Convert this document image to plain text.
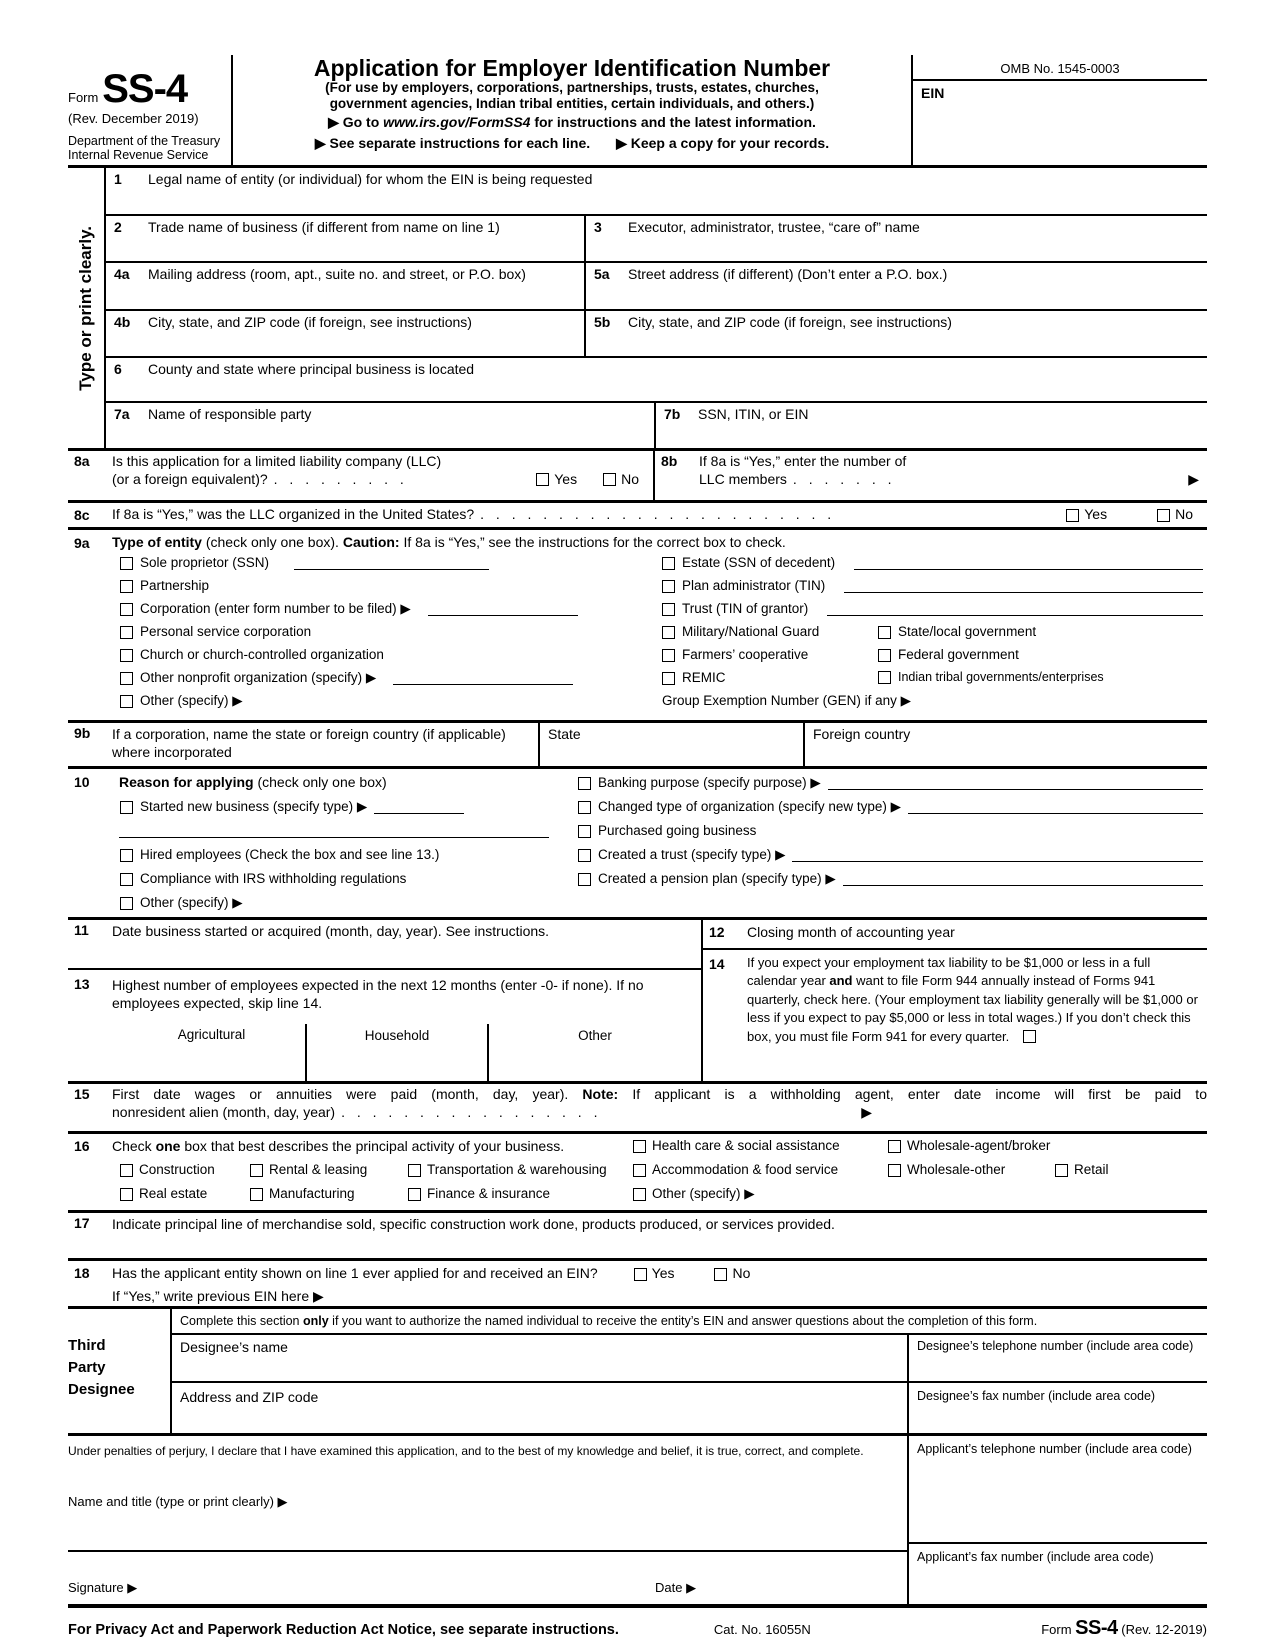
Form SS-4
(Rev. December 2019)
Department of the Treasury
Internal Revenue Service
Application for Employer Identification Number
(For use by employers, corporations, partnerships, trusts, estates, churches,
government agencies, Indian tribal entities, certain individuals, and others.)
▶ Go to www.irs.gov/FormSS4 for instructions and the latest information.
▶ See separate instructions for each line. ▶ Keep a copy for your records.
OMB No. 1545-0003
EIN
Type or print clearly.
1	Legal name of entity (or individual) for whom the EIN is being requested
2	Trade name of business (if different from name on line 1)	3	Executor, administrator, trustee, “care of” name
4a	Mailing address (room, apt., suite no. and street, or P.O. box)	5a	Street address (if different) (Don’t enter a P.O. box.)
4b	City, state, and ZIP code (if foreign, see instructions)	5b	City, state, and ZIP code (if foreign, see instructions)
6	County and state where principal business is located
7a	Name of responsible party	7b	SSN, ITIN, or EIN
8a	Is this application for a limited liability company (LLC)
(or a foreign equivalent)? . . . . . . . . .	Yes	No
8b	If 8a is “Yes,” enter the number of
LLC members . . . . . . .	▶
8c	If 8a is “Yes,” was the LLC organized in the United States? . . . . . . . . . . . . . . . . . . . . . . .	Yes	No
9a	Type of entity (check only one box). Caution: If 8a is “Yes,” see the instructions for the correct box to check.
Sole proprietor (SSN)	Estate (SSN of decedent)
Partnership	Plan administrator (TIN)
Corporation (enter form number to be filed) ▶	Trust (TIN of grantor)
Personal service corporation	Military/National Guard	State/local government
Church or church-controlled organization	Farmers’ cooperative	Federal government
Other nonprofit organization (specify) ▶	REMIC	Indian tribal governments/enterprises
Other (specify) ▶	Group Exemption Number (GEN) if any ▶
9b	If a corporation, name the state or foreign country (if applicable) where incorporated
State	Foreign country
10	Reason for applying (check only one box)
Started new business (specify type) ▶
Hired employees (Check the box and see line 13.)
Compliance with IRS withholding regulations
Other (specify) ▶
Banking purpose (specify purpose) ▶
Changed type of organization (specify new type) ▶
Purchased going business
Created a trust (specify type) ▶
Created a pension plan (specify type) ▶
11	Date business started or acquired (month, day, year). See instructions.
13	Highest number of employees expected in the next 12 months (enter -0- if none). If no employees expected, skip line 14.
Agricultural	Household	Other
12	Closing month of accounting year
14	If you expect your employment tax liability to be $1,000 or less in a full calendar year and want to file Form 944 annually instead of Forms 941 quarterly, check here. (Your employment tax liability generally will be $1,000 or less if you expect to pay $5,000 or less in total wages.) If you don’t check this box, you must file Form 941 for every quarter.
15	First date wages or annuities were paid (month, day, year). Note: If applicant is a withholding agent, enter date income will first be paid to
nonresident alien (month, day, year) . . . . . . . . . . . . . . . . .	▶
16	Check one box that best describes the principal activity of your business.	Health care & social assistance	Wholesale-agent/broker
Construction	Rental & leasing	Transportation & warehousing	Accommodation & food service	Wholesale-other	Retail
Real estate	Manufacturing	Finance & insurance	Other (specify) ▶
17	Indicate principal line of merchandise sold, specific construction work done, products produced, or services provided.
18	Has the applicant entity shown on line 1 ever applied for and received an EIN?	Yes	No
If “Yes,” write previous EIN here ▶
Third
Party
Designee
Complete this section only if you want to authorize the named individual to receive the entity’s EIN and answer questions about the completion of this form.
Designee’s name	Designee’s telephone number (include area code)
Address and ZIP code	Designee’s fax number (include area code)
Under penalties of perjury, I declare that I have examined this application, and to the best of my knowledge and belief, it is true, correct, and complete.
Name and title (type or print clearly) ▶
Signature ▶	Date ▶
Applicant’s telephone number (include area code)
Applicant’s fax number (include area code)
For Privacy Act and Paperwork Reduction Act Notice, see separate instructions.	Cat. No. 16055N	Form SS-4 (Rev. 12-2019)
